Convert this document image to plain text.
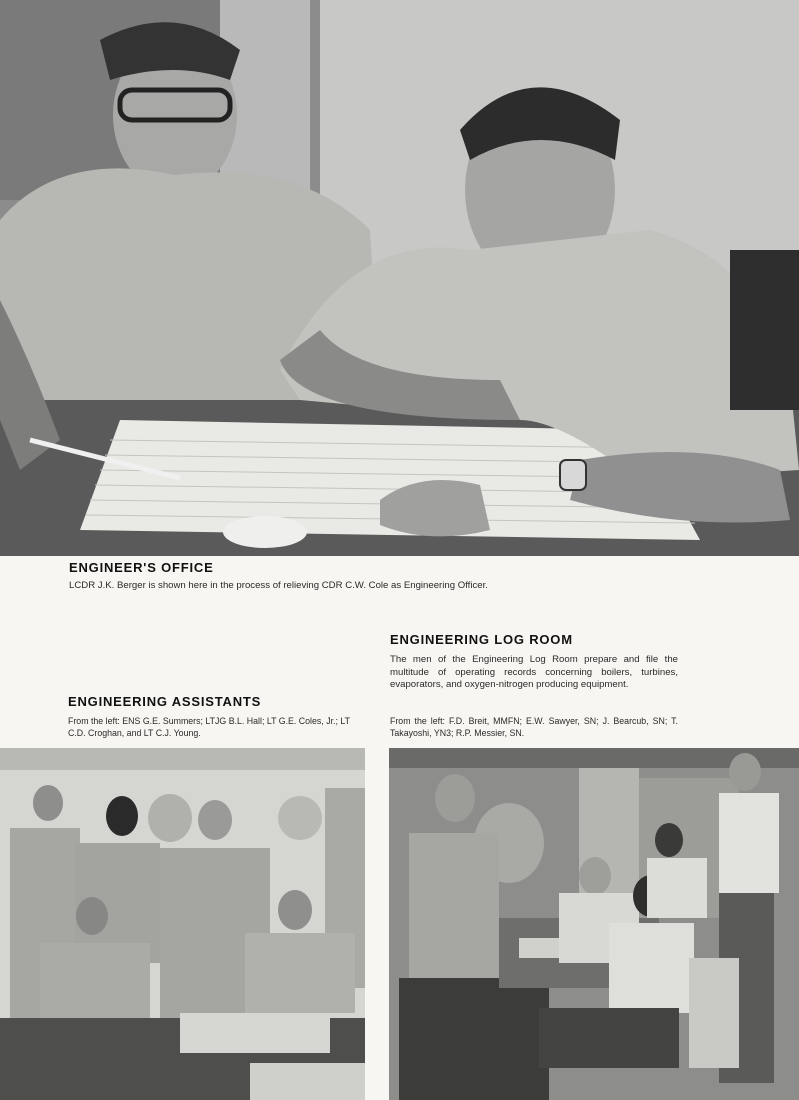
ENGINEER'S OFFICE

LCDR J.K. Berger is shown here in the process of relieving CDR C.W. Cole as Engineering Officer.

ENGINEERING LOG ROOM

The men of the Engineering Log Room prepare and file the multitude of operating records concerning boilers, turbines, evaporators, and oxygen-nitrogen producing equipment.

From the left: F.D. Breit, MMFN; E.W. Sawyer, SN; J. Bearcub, SN; T. Takayoshi, YN3; R.P. Messier, SN.

ENGINEERING ASSISTANTS

From the left: ENS G.E. Summers; LTJG B.L. Hall; LT G.E. Coles, Jr.; LT C.D. Croghan, and LT C.J. Young.
